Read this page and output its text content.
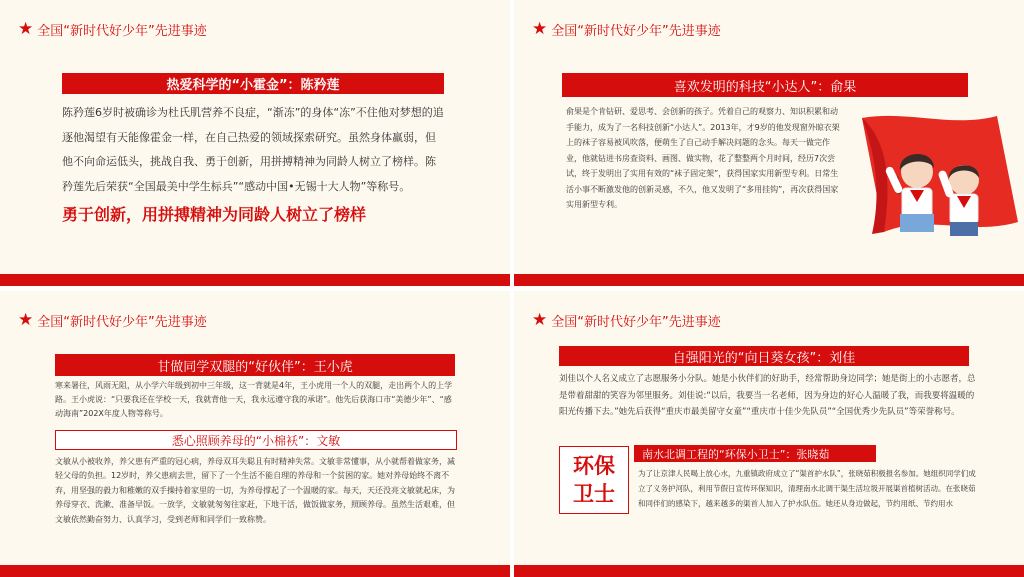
★ 全国“新时代好少年”先进事迹
热爱科学的“小霍金”：陈矜莲
陈矜莲6岁时被确诊为杜氏肌营养不良症，“渐冻”的身体“冻”不住他对梦想的追逐他渴望有天能像霍金一样，在自己热爱的领域探索研究。虽然身体羸弱，但他不向命运低头，挑战自我、勇于创新，用拼搏精神为同龄人树立了榜样。陈矜莲先后荣获“全国最美中学生标兵”“感动中国•无锡十大人物”等称号。
勇于创新，用拼搏精神为同龄人树立了榜样
★ 全国“新时代好少年”先进事迹
喜欢发明的科技“小达人”：俞果
俞果是个肯钻研、爱思考、会创新的孩子。凭着自己的观察力、知识积累和动手能力，成为了一名科技创新“小达人”。2013年，才9岁的他发现窗外晾衣架上的袜子容易被风吹落，便萌生了自己动手解决问题的念头。每天一做完作业，他就钻进书房查资料、画图、做实物，花了整整两个月时间，经历7次尝试，终于发明出了实用有效的“袜子固定架”，获得国家实用新型专利。日常生活小事不断激发他的创新灵感，不久，他又发明了“多用挂钩”，再次获得国家实用新型专利。
★ 全国“新时代好少年”先进事迹
甘做同学双腿的“好伙伴”：王小虎
寒来暑往，风雨无阻，从小学六年级到初中三年级，这一背就是4年，王小虎用一个人的双腿，走出两个人的上学路。王小虎说：“只要我还在学校一天，我就背他一天，我永远遵守我的承诺”。他先后获海口市“美德少年”、“感动海南”202X年度人物等称号。
悉心照顾养母的“小棉袄”：文敏
文敏从小被收养，养父患有严重的冠心病，养母双耳失聪且有时精神失常。文敏非常懂事，从小就帮着做家务，减轻父母的负担。12岁时，养父患病去世，留下了一个生活不能自理的养母和一个贫困的家。她对养母始终不离不弃，用坚强的毅力和稚嫩的双手操持着家里的一切，为养母撑起了一个温暖的家。每天，天还没亮文敏就起床，为养母穿衣、洗漱、准备早饭。一放学，文敏就匆匆往家赶，下地干活，做饭做家务，照顾养母。虽然生活艰难，但文敏依然勤奋努力、认真学习，受到老师和同学们一致称赞。
★ 全国“新时代好少年”先进事迹
自强阳光的“向日葵女孩”：刘佳
刘佳以个人名义成立了志愿服务小分队。她是小伙伴们的好助手，经常帮助身边同学；她是街上的小志愿者，总是带着甜甜的笑容为邻里服务。刘佳说:“以后，我要当一名老师，因为身边的好心人温暖了我，而我要将温暖的阳光传播下去。”她先后获得“重庆市最美留守女童”“重庆市十佳少先队员”“全国优秀少先队员”等荣誉称号。
环保
卫士
南水北调工程的“环保小卫士”：张晓茹
为了让京津人民喝上放心水，九重镇政府成立了“渠首护水队”，张晓茹积极报名参加。她组织同学们成立了义务护河队，利用节假日宣传环保知识，清理南水北调干渠生活垃圾开展渠首植树活动。在张晓茹和同伴们的感染下，越来越多的渠首人加入了护水队伍。她还从身边做起，节约用纸、节约用水
